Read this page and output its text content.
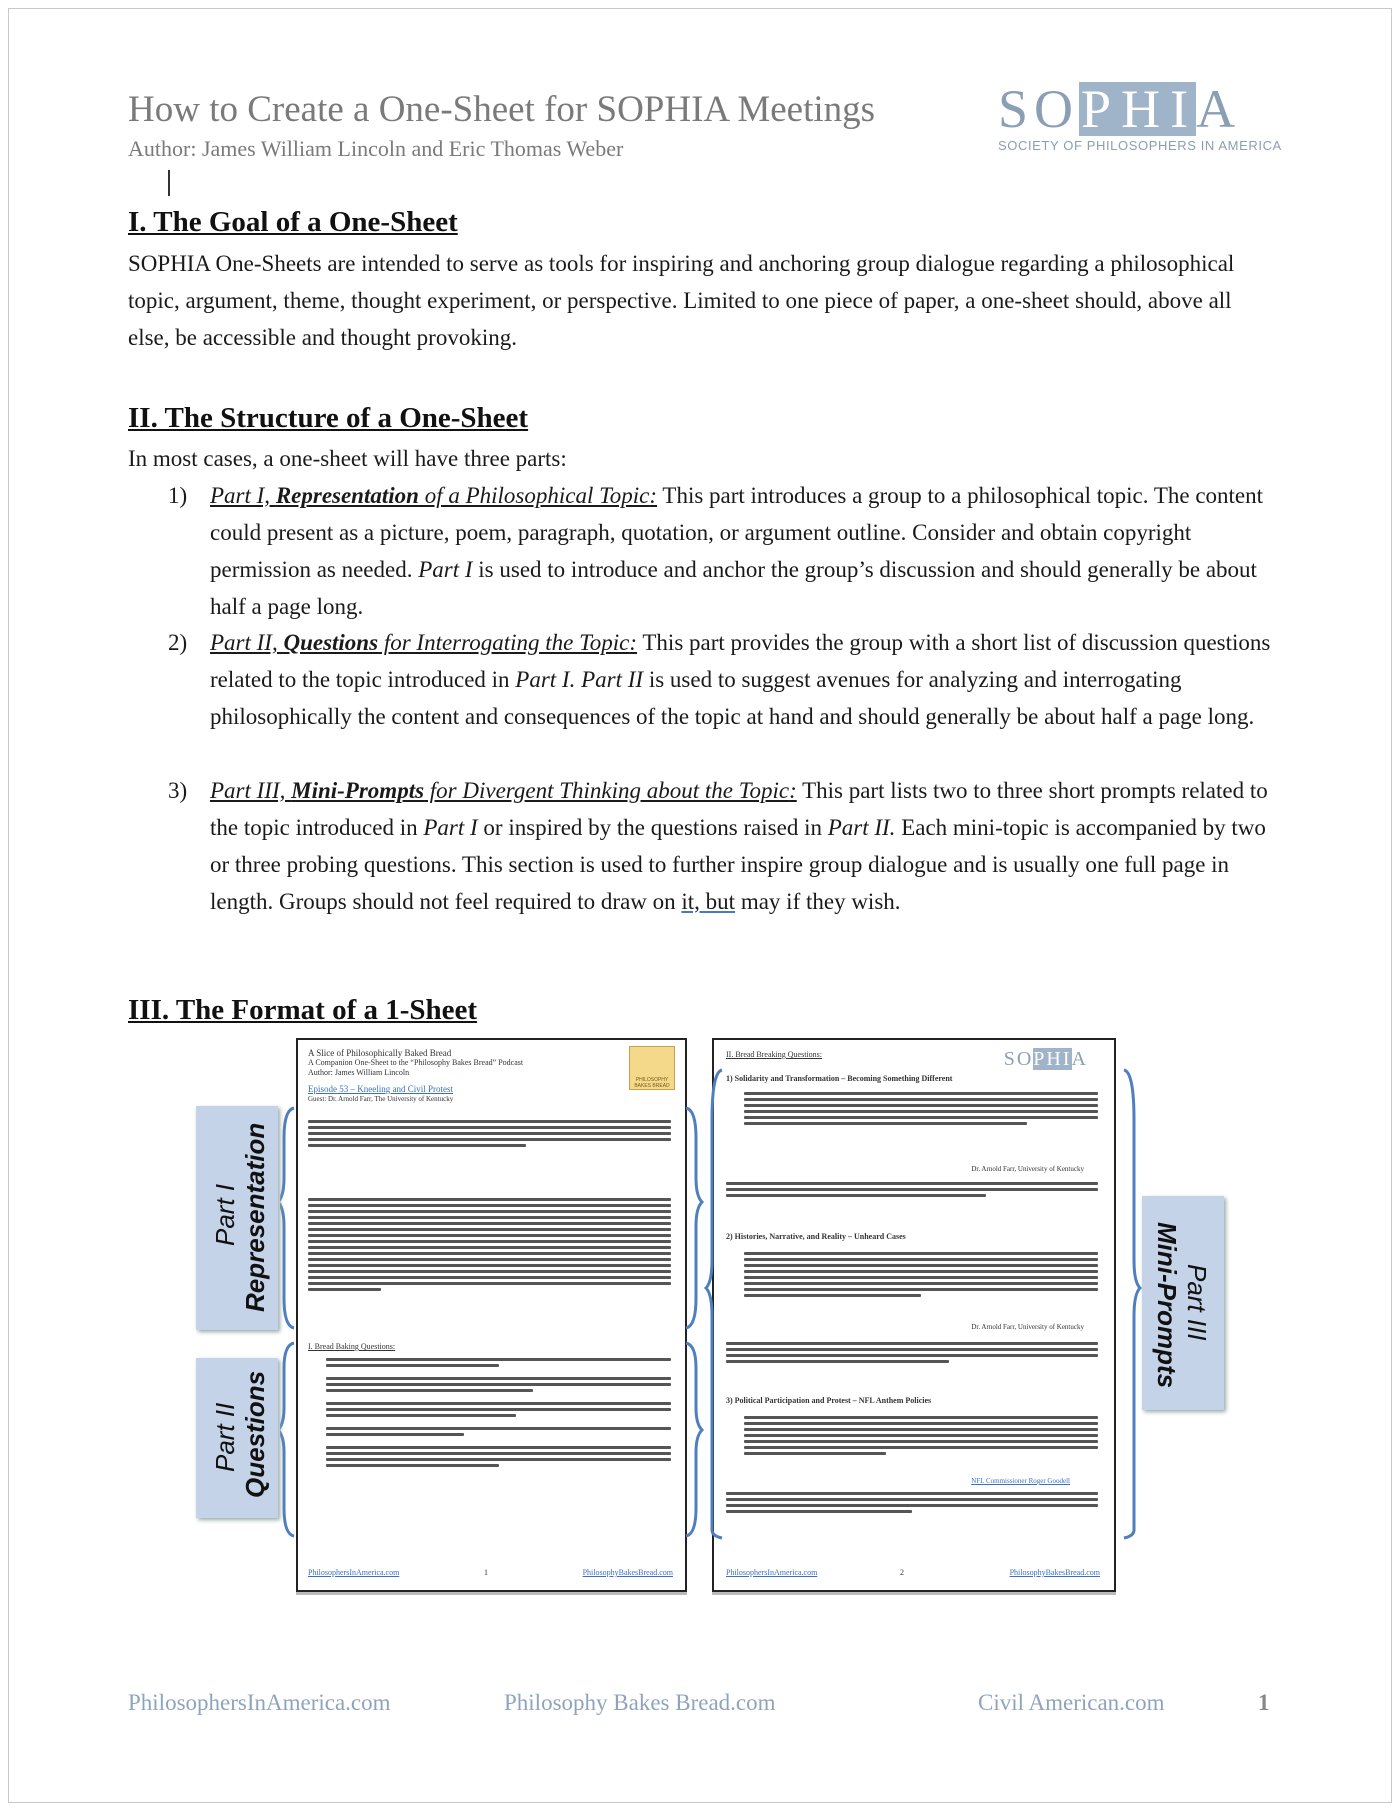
How to Create a One-Sheet for SOPHIA Meetings
Author: James William Lincoln and Eric Thomas Weber
S O P H I A
SOCIETY OF PHILOSOPHERS IN AMERICA
I. The Goal of a One-Sheet
SOPHIA One-Sheets are intended to serve as tools for inspiring and anchoring group dialogue regarding a philosophical topic, argument, theme, thought experiment, or perspective. Limited to one piece of paper, a one-sheet should, above all else, be accessible and thought provoking.
II. The Structure of a One-Sheet
In most cases, a one-sheet will have three parts:
1) Part I, Representation of a Philosophical Topic: This part introduces a group to a philosophical topic. The content could present as a picture, poem, paragraph, quotation, or argument outline. Consider and obtain copyright permission as needed. Part I is used to introduce and anchor the group’s discussion and should generally be about half a page long.
2) Part II, Questions for Interrogating the Topic: This part provides the group with a short list of discussion questions related to the topic introduced in Part I. Part II is used to suggest avenues for analyzing and interrogating philosophically the content and consequences of the topic at hand and should generally be about half a page long.
3) Part III, Mini-Prompts for Divergent Thinking about the Topic: This part lists two to three short prompts related to the topic introduced in Part I or inspired by the questions raised in Part II. Each mini-topic is accompanied by two or three probing questions. This section is used to further inspire group dialogue and is usually one full page in length. Groups should not feel required to draw on it, but may if they wish.
III. The Format of a 1-Sheet
A Slice of Philosophically Baked Bread
A Companion One-Sheet to the “Philosophy Bakes Bread” Podcast
Author: James William Lincoln
PHILOSOPHY BAKES BREAD
Episode 53 – Kneeling and Civil Protest
Guest: Dr. Arnold Farr, The University of Kentucky
I. Bread Baking Questions:
PhilosophersInAmerica.com	1	PhilosophyBakesBread.com
II. Bread Breaking Questions:	SOPHIA
1) Solidarity and Transformation – Becoming Something Different
Dr. Arnold Farr, University of Kentucky
2) Histories, Narrative, and Reality – Unheard Cases
Dr. Arnold Farr, University of Kentucky
3) Political Participation and Protest – NFL Anthem Policies
NFL Commissioner Roger Goodell
PhilosophersInAmerica.com	2	PhilosophyBakesBread.com
Part I Representation
Part II Questions
Part III
Mini-Prompts
PhilosophersInAmerica.com	Philosophy Bakes Bread.com	Civil American.com	1
